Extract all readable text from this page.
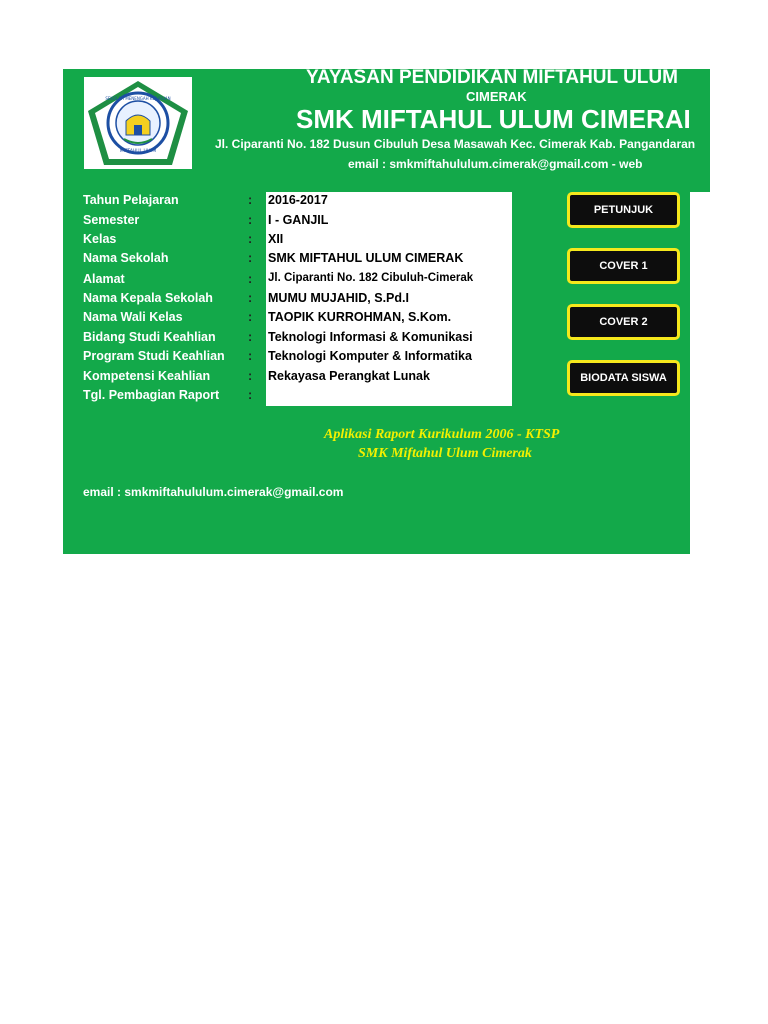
SEKOLAH MENENGAH KEJURUAN
MIFTAHUL ULUM
YAYASAN PENDIDIKAN MIFTAHUL ULUM
CIMERAK
SMK MIFTAHUL ULUM CIMERAI
Jl. Ciparanti No. 182 Dusun Cibuluh Desa Masawah Kec. Cimerak Kab. Pangandaran
email : smkmiftahululum.cimerak@gmail.com - web
Tahun Pelajaran	: 2016-2017
Semester	: I - GANJIL
Kelas	: XII
Nama Sekolah	: SMK MIFTAHUL ULUM CIMERAK
Alamat	: Jl. Ciparanti No. 182 Cibuluh-Cimerak
Nama Kepala Sekolah	: MUMU MUJAHID, S.Pd.I
Nama Wali Kelas	: TAOPIK KURROHMAN, S.Kom.
Bidang Studi Keahlian	: Teknologi Informasi & Komunikasi
Program Studi Keahlian : Teknologi Komputer & Informatika
Kompetensi Keahlian	: Rekayasa Perangkat Lunak
Tgl. Pembagian Raport :
PETUNJUK
COVER 1
COVER 2
BIODATA SISWA
Aplikasi Raport Kurikulum 2006 - KTSP
SMK Miftahul Ulum Cimerak
email : smkmiftahululum.cimerak@gmail.com
